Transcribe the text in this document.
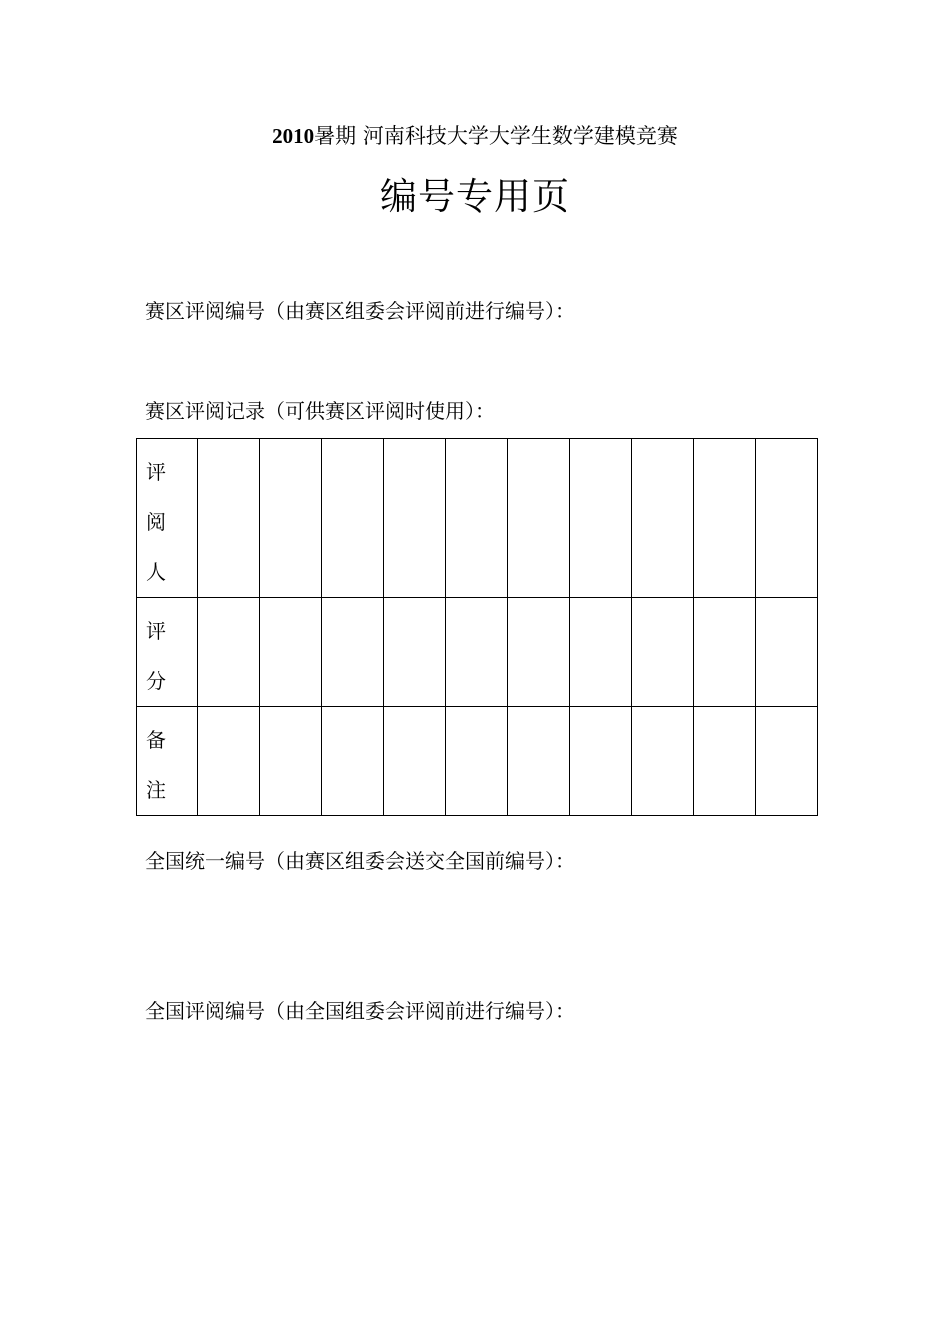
2010暑期 河南科技大学大学生数学建模竞赛
编号专用页
赛区评阅编号（由赛区组委会评阅前进行编号）：
赛区评阅记录（可供赛区评阅时使用）：
评
阅
人										

评
分										

备
注										

全国统一编号（由赛区组委会送交全国前编号）：
全国评阅编号（由全国组委会评阅前进行编号）：
